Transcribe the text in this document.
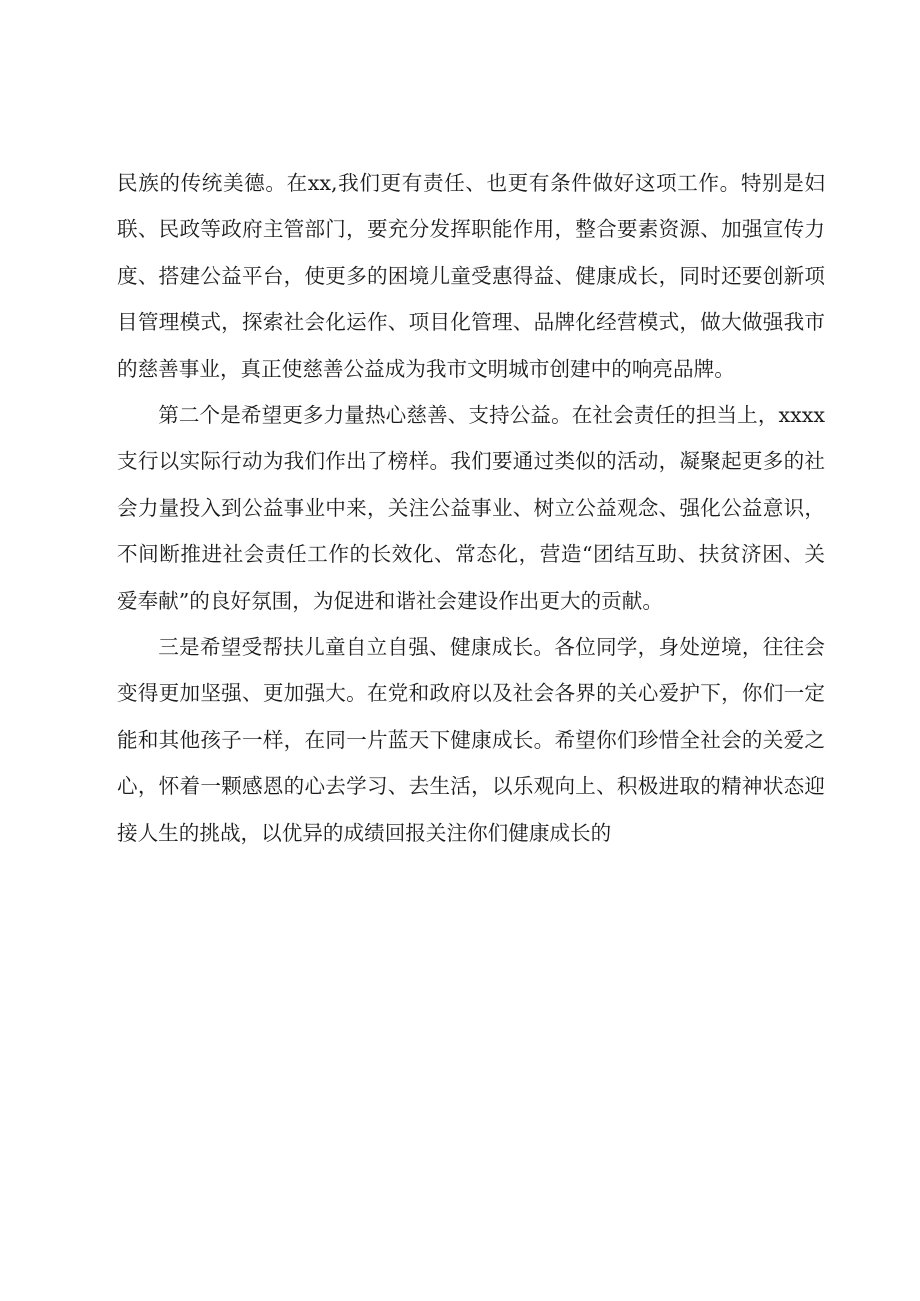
民族的传统美德。在xx,我们更有责任、也更有条件做好这项工作。特别是妇联、民政等政府主管部门，要充分发挥职能作用，整合要素资源、加强宣传力度、搭建公益平台，使更多的困境儿童受惠得益、健康成长，同时还要创新项目管理模式，探索社会化运作、项目化管理、品牌化经营模式，做大做强我市的慈善事业，真正使慈善公益成为我市文明城市创建中的响亮品牌。

第二个是希望更多力量热心慈善、支持公益。在社会责任的担当上，xxxx支行以实际行动为我们作出了榜样。我们要通过类似的活动，凝聚起更多的社会力量投入到公益事业中来，关注公益事业、树立公益观念、强化公益意识，不间断推进社会责任工作的长效化、常态化，营造“团结互助、扶贫济困、关爱奉献”的良好氛围，为促进和谐社会建设作出更大的贡献。

三是希望受帮扶儿童自立自强、健康成长。各位同学，身处逆境，往往会变得更加坚强、更加强大。在党和政府以及社会各界的关心爱护下，你们一定能和其他孩子一样，在同一片蓝天下健康成长。希望你们珍惜全社会的关爱之心，怀着一颗感恩的心去学习、去生活，以乐观向上、积极进取的精神状态迎接人生的挑战，以优异的成绩回报关注你们健康成长的
